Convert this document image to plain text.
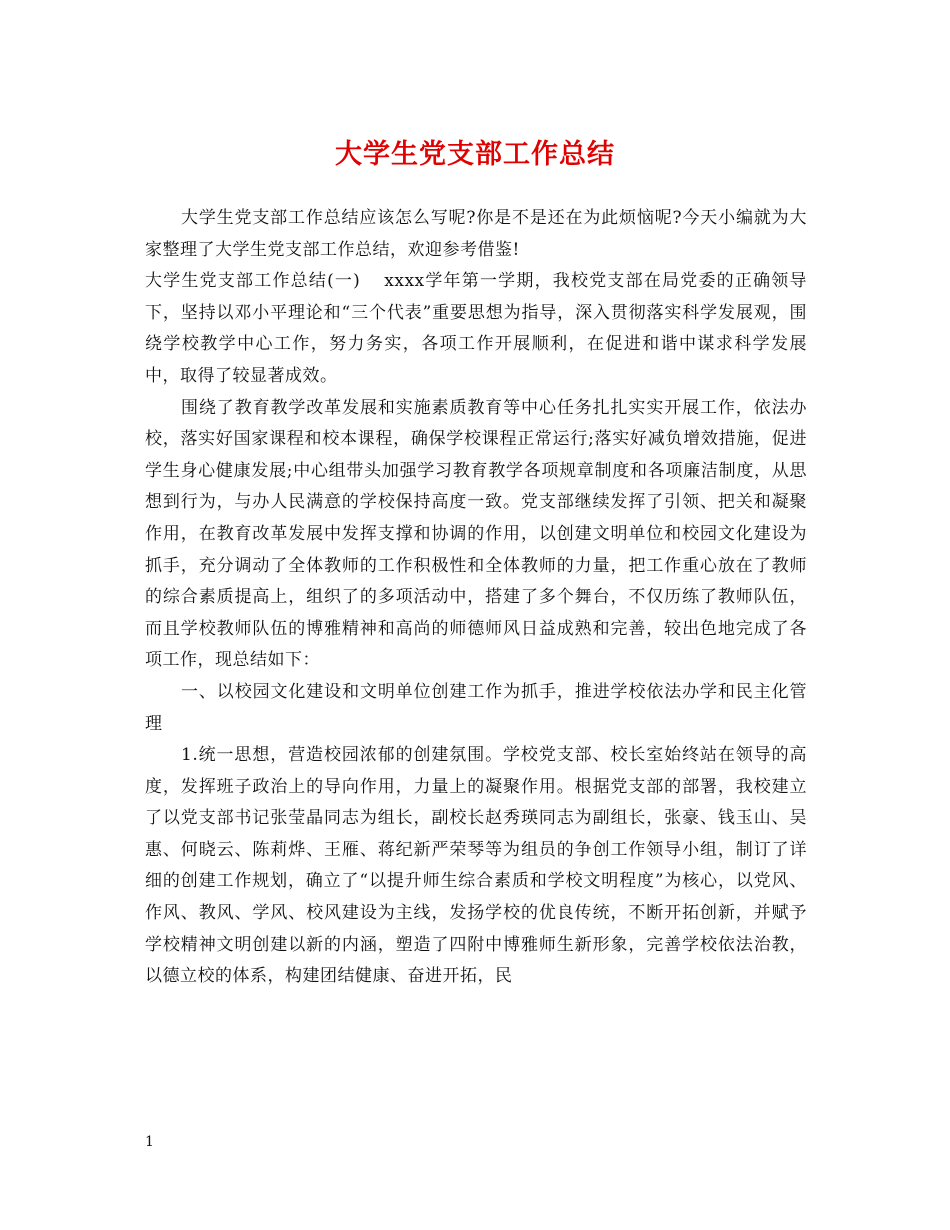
大学生党支部工作总结

大学生党支部工作总结应该怎么写呢?你是不是还在为此烦恼呢?今天小编就为大家整理了大学生党支部工作总结，欢迎参考借鉴!

大学生党支部工作总结(一) xxxx学年第一学期，我校党支部在局党委的正确领导下，坚持以邓小平理论和“三个代表”重要思想为指导，深入贯彻落实科学发展观，围绕学校教学中心工作，努力务实，各项工作开展顺利，在促进和谐中谋求科学发展中，取得了较显著成效。

围绕了教育教学改革发展和实施素质教育等中心任务扎扎实实开展工作，依法办校，落实好国家课程和校本课程，确保学校课程正常运行;落实好减负增效措施，促进学生身心健康发展;中心组带头加强学习教育教学各项规章制度和各项廉洁制度，从思想到行为，与办人民满意的学校保持高度一致。党支部继续发挥了引领、把关和凝聚作用，在教育改革发展中发挥支撑和协调的作用，以创建文明单位和校园文化建设为抓手，充分调动了全体教师的工作积极性和全体教师的力量，把工作重心放在了教师的综合素质提高上，组织了的多项活动中，搭建了多个舞台，不仅历练了教师队伍，而且学校教师队伍的博雅精神和高尚的师德师风日益成熟和完善，较出色地完成了各项工作，现总结如下：

一、以校园文化建设和文明单位创建工作为抓手，推进学校依法办学和民主化管理

1.统一思想，营造校园浓郁的创建氛围。学校党支部、校长室始终站在领导的高度，发挥班子政治上的导向作用，力量上的凝聚作用。根据党支部的部署，我校建立了以党支部书记张莹晶同志为组长，副校长赵秀瑛同志为副组长，张豪、钱玉山、吴惠、何晓云、陈莉烨、王雁、蒋纪新严荣琴等为组员的争创工作领导小组，制订了详细的创建工作规划，确立了“以提升师生综合素质和学校文明程度”为核心，以党风、作风、教风、学风、校风建设为主线，发扬学校的优良传统，不断开拓创新，并赋予学校精神文明创建以新的内涵，塑造了四附中博雅师生新形象，完善学校依法治教，以德立校的体系，构建团结健康、奋进开拓，民

1
